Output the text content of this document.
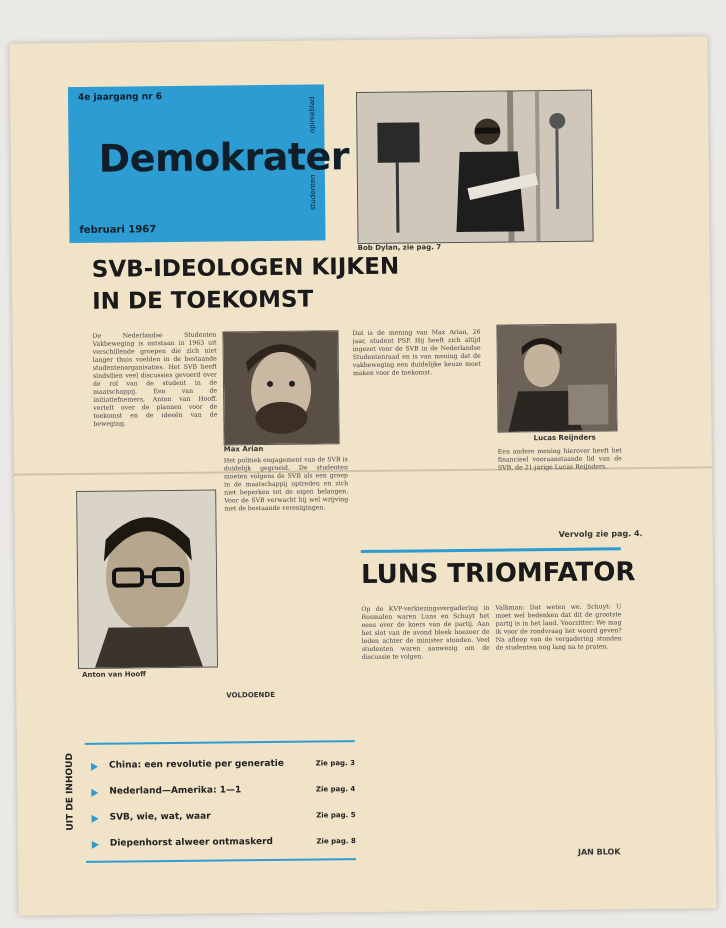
4e jaargang nr 6
Demokrater
februari 1967
opinieblad
studenten
Bob Dylan, zie pag. 7
SVB-IDEOLOGEN KIJKEN
IN DE TOEKOMST
Max Arian
Lucas Reijnders
De Nederlandse Studenten Vakbeweging is ontstaan in 1963 uit verschillende groepen die zich niet langer thuis voelden in de bestaande studentenorganisaties. Het SVB heeft sindsdien veel discussies gevoerd over de rol van de student in de maatschappij. Een van de initiatiefnemers, Anton van Hooff, vertelt over de plannen voor de toekomst en de ideeën van de beweging.
Het politiek engagement van de SVB is duidelijk gegroeid. De studenten moeten volgens de SVB als een groep in de maatschappij optreden en zich niet beperken tot de eigen belangen. Voor de SVB verwacht hij wel wrijving met de bestaande verenigingen.
Dat is de mening van Max Arian, 26 jaar, student PSP. Hij heeft zich altijd ingezet voor de SVB in de Nederlandse Studentenraad en is van mening dat de vakbeweging een duidelijke keuze moet maken voor de toekomst.
Een andere mening hierover heeft het financieel vooraanstaande lid van de SVB, de 21-jarige Lucas Reijnders.
Vervolg zie pag. 4.
VOLDOENDE
Anton van Hooff
LUNS TRIOMFATOR
Op de KVP-verkiezingsvergadering in Rosmalen waren Luns en Schuyt het eens over de koers van de partij. Aan het slot van de avond bleek hoezeer de leden achter de minister stonden. Veel studenten waren aanwezig om de discussie te volgen.
Valkman: Dat weten we. Schuyt: U moet wel bedenken dat dit de grootste partij is in het land. Voorzitter: We mag ik voor de rondvraag het woord geven? Na afloop van de vergadering stonden de studenten nog lang na te praten.
JAN BLOK
UIT DE INHOUD	China: een revolutie per generatie	Zie pag. 3
Nederland—Amerika: 1—1	Zie pag. 4
SVB, wie, wat, waar	Zie pag. 5
Diepenhorst alweer ontmaskerd	Zie pag. 8
